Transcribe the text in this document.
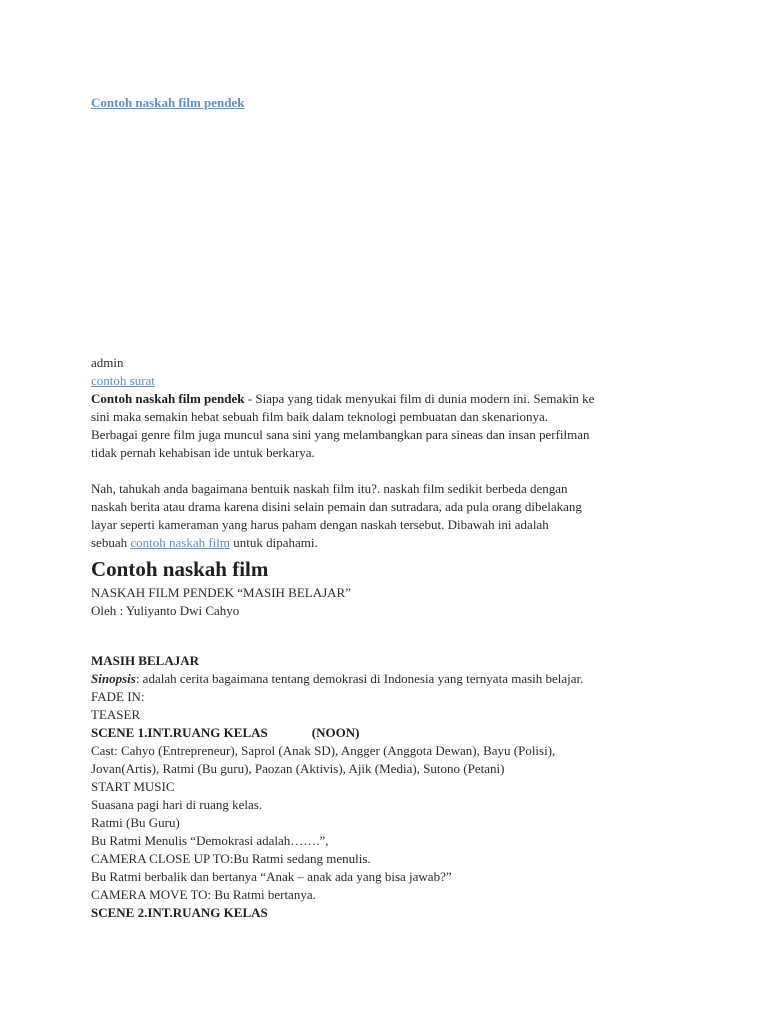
Contoh naskah film pendek
admin
contoh surat
Contoh naskah film pendek - Siapa yang tidak menyukai film di dunia modern ini. Semakin ke
sini maka semakin hebat sebuah film baik dalam teknologi pembuatan dan skenarionya.
Berbagai genre film juga muncul sana sini yang melambangkan para sineas dan insan perfilman
tidak pernah kehabisan ide untuk berkarya.
Nah, tahukah anda bagaimana bentuik naskah film itu?. naskah film sedikit berbeda dengan
naskah berita atau drama karena disini selain pemain dan sutradara, ada pula orang dibelakang
layar seperti kameraman yang harus paham dengan naskah tersebut. Dibawah ini adalah
sebuah contoh naskah film untuk dipahami.
Contoh naskah film
NASKAH FILM PENDEK “MASIH BELAJAR”
Oleh : Yuliyanto Dwi Cahyo
MASIH BELAJAR
Sinopsis: adalah cerita bagaimana tentang demokrasi di Indonesia yang ternyata masih belajar.
FADE IN:
TEASER
SCENE 1.INT.RUANG KELAS	(NOON)
Cast: Cahyo (Entrepreneur), Saprol (Anak SD), Angger (Anggota Dewan), Bayu (Polisi),
Jovan(Artis), Ratmi (Bu guru), Paozan (Aktivis), Ajik (Media), Sutono (Petani)
START MUSIC
Suasana pagi hari di ruang kelas.
Ratmi (Bu Guru)
Bu Ratmi Menulis “Demokrasi adalah…….”,
CAMERA CLOSE UP TO:Bu Ratmi sedang menulis.
Bu Ratmi berbalik dan bertanya “Anak – anak ada yang bisa jawab?”
CAMERA MOVE TO: Bu Ratmi bertanya.
SCENE 2.INT.RUANG KELAS
